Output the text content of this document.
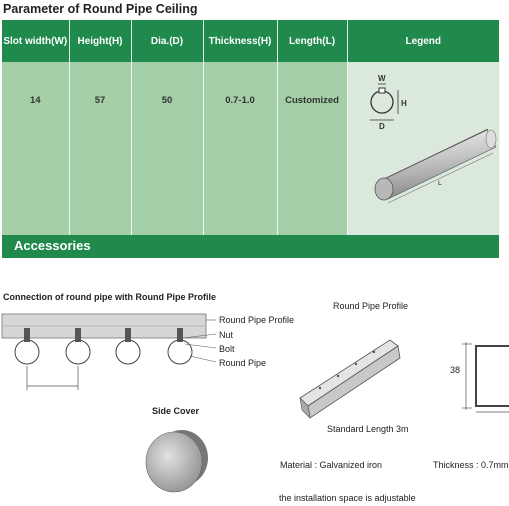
Parameter of Round Pipe Ceiling
Slot width(W)	Height(H)	Dia.(D)	Thickness(H)	Length(L)	Legend
14	57	50	0.7-1.0	Customized	W
H
D
L
Accessories
Connection of round pipe with Round Pipe Profile
Round Pipe Profile
Nut
Bolt
Round Pipe
Round Pipe Profile
Standard Length 3m
38
Side Cover
Material : Galvanized iron	Thickness : 0.7mm
the installation space is adjustable
